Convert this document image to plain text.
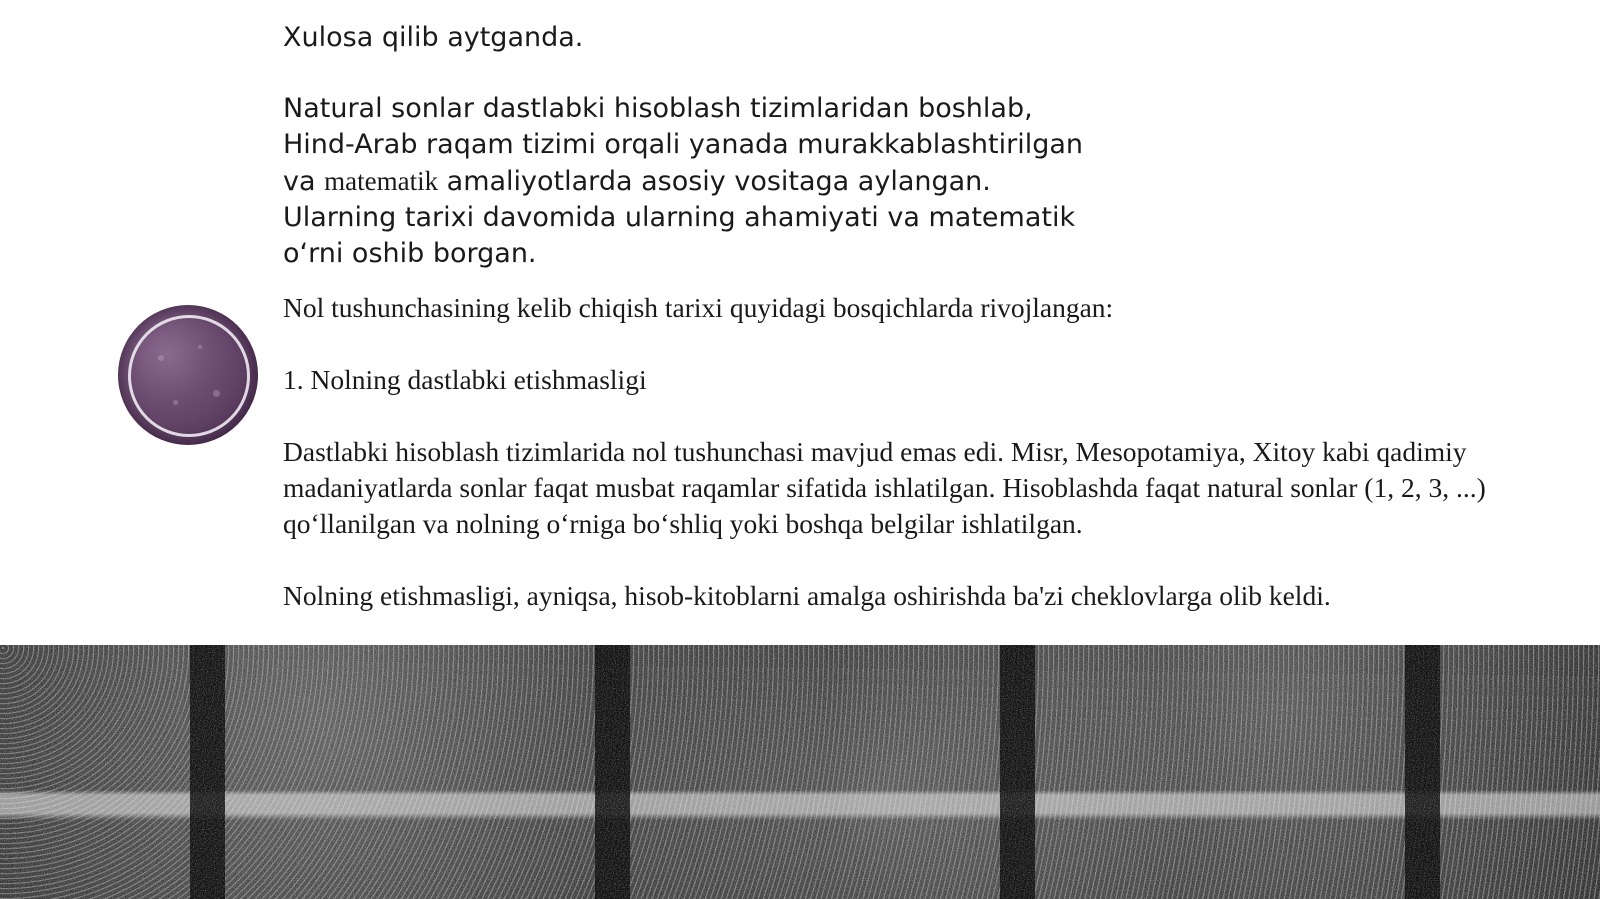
Xulosa qilib aytganda.

Natural sonlar dastlabki hisoblash tizimlaridan boshlab, Hind-Arab raqam tizimi orqali yanada murakkablashtirilgan va matematik amaliyotlarda asosiy vositaga aylangan. Ularning tarixi davomida ularning ahamiyati va matematik o‘rni oshib borgan.

Nol tushunchasining kelib chiqish tarixi quyidagi bosqichlarda rivojlangan:

1. Nolning dastlabki etishmasligi

Dastlabki hisoblash tizimlarida nol tushunchasi mavjud emas edi. Misr, Mesopotamiya, Xitoy kabi qadimiy madaniyatlarda sonlar faqat musbat raqamlar sifatida ishlatilgan. Hisoblashda faqat natural sonlar (1, 2, 3, ...) qo‘llanilgan va nolning o‘rniga bo‘shliq yoki boshqa belgilar ishlatilgan.

Nolning etishmasligi, ayniqsa, hisob-kitoblarni amalga oshirishda ba'zi cheklovlarga olib keldi.
